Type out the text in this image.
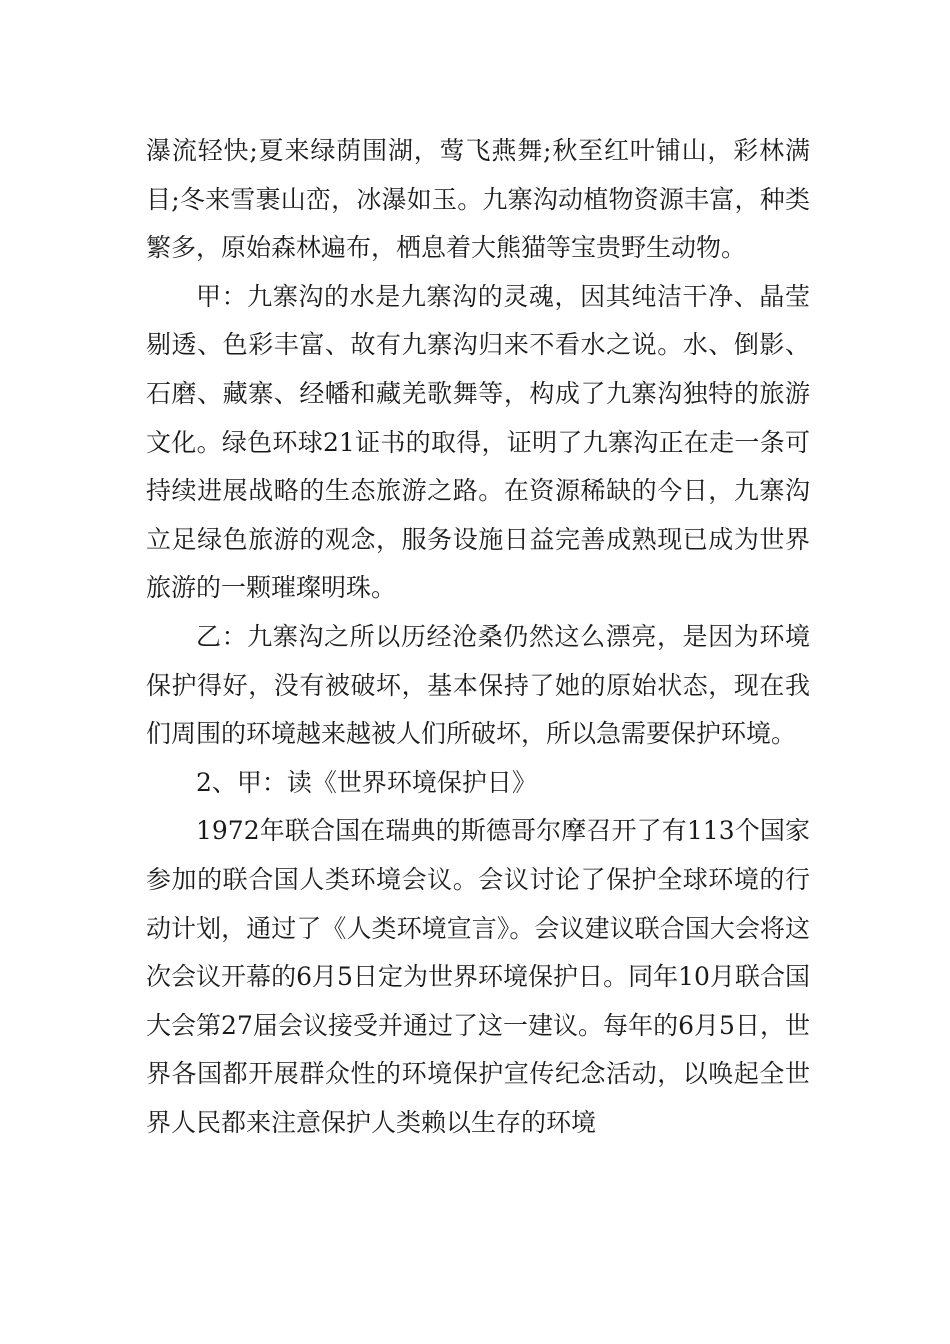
瀑流轻快;夏来绿荫围湖，莺飞燕舞;秋至红叶铺山，彩林满目;冬来雪裹山峦，冰瀑如玉。九寨沟动植物资源丰富，种类繁多，原始森林遍布，栖息着大熊猫等宝贵野生动物。

甲：九寨沟的水是九寨沟的灵魂，因其纯洁干净、晶莹剔透、色彩丰富、故有九寨沟归来不看水之说。水、倒影、石磨、藏寨、经幡和藏羌歌舞等，构成了九寨沟独特的旅游文化。绿色环球21证书的取得，证明了九寨沟正在走一条可持续进展战略的生态旅游之路。在资源稀缺的今日，九寨沟立足绿色旅游的观念，服务设施日益完善成熟现已成为世界旅游的一颗璀璨明珠。

乙：九寨沟之所以历经沧桑仍然这么漂亮，是因为环境保护得好，没有被破坏，基本保持了她的原始状态，现在我们周围的环境越来越被人们所破坏，所以急需要保护环境。

2、甲：读《世界环境保护日》

1972年联合国在瑞典的斯德哥尔摩召开了有113个国家参加的联合国人类环境会议。会议讨论了保护全球环境的行动计划，通过了《人类环境宣言》。会议建议联合国大会将这次会议开幕的6月5日定为世界环境保护日。同年10月联合国大会第27届会议接受并通过了这一建议。每年的6月5日，世界各国都开展群众性的环境保护宣传纪念活动，以唤起全世界人民都来注意保护人类赖以生存的环境
